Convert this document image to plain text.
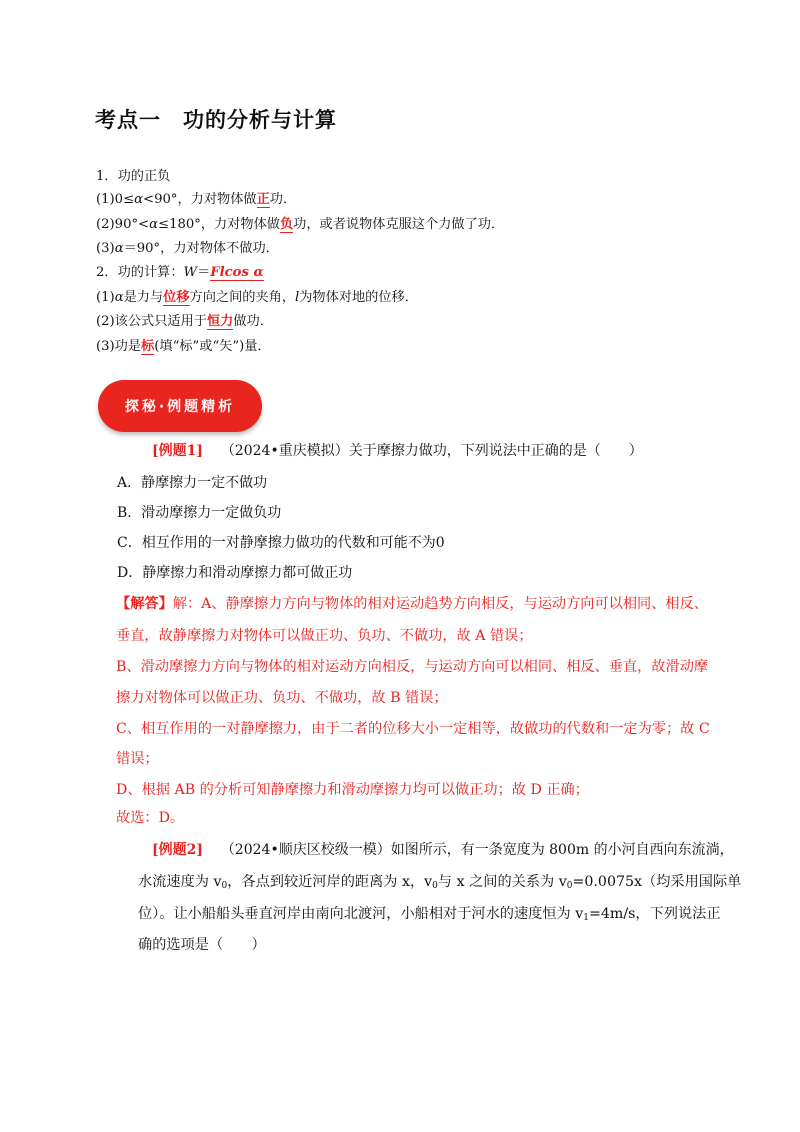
考点一　功的分析与计算
1．功的正负
(1)0≤α<90°，力对物体做正功．
(2)90°<α≤180°，力对物体做负功，或者说物体克服这个力做了功．
(3)α＝90°，力对物体不做功．
2．功的计算：W＝Flcos α
(1)α是力与位移方向之间的夹角，l为物体对地的位移．
(2)该公式只适用于恒力做功．
(3)功是标(填“标”或“矢”)量．
探秘·例题精析
[例题1] （2024•重庆模拟）关于摩擦力做功，下列说法中正确的是（　　）
A．静摩擦力一定不做功
B．滑动摩擦力一定做负功
C．相互作用的一对静摩擦力做功的代数和可能不为0
D．静摩擦力和滑动摩擦力都可做正功
【解答】解：A、静摩擦力方向与物体的相对运动趋势方向相反，与运动方向可以相同、相反、
垂直，故静摩擦力对物体可以做正功、负功、不做功，故 A 错误；
B、滑动摩擦力方向与物体的相对运动方向相反，与运动方向可以相同、相反、垂直，故滑动摩
擦力对物体可以做正功、负功、不做功，故 B 错误；
C、相互作用的一对静摩擦力，由于二者的位移大小一定相等，故做功的代数和一定为零；故 C
错误；
D、根据 AB 的分析可知静摩擦力和滑动摩擦力均可以做正功；故 D 正确；
故选：D。
[例题2] （2024•顺庆区校级一模）如图所示，有一条宽度为 800m 的小河自西向东流淌，
水流速度为 $v_0$，各点到较近河岸的距离为 x，$v_0$与 x 之间的关系为 $v_0=0.0075x$（均采用国际单
位）。让小船船头垂直河岸由南向北渡河，小船相对于河水的速度恒为 $v_1=4m/s$，下列说法正
确的选项是（　　）
